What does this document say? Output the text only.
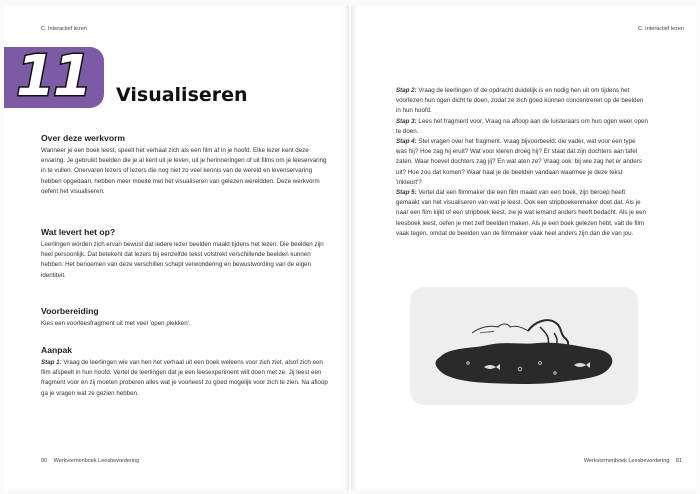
C. Interactief lezen
11 Visualiseren
Over deze werkvorm

Wanneer je een boek leest, speelt het verhaal zich als een film af in je hoofd. Elke lezer kent deze ervaring. Je gebruikt beelden die je al kent uit je leven, uit je herinneringen of uit films om je leeservaring in te vullen. Onervaren lezers of lezers die nog niet zo veel kennis van de wereld en levenservaring hebben opgedaan, hebben meer moeite met het visualiseren van gelezen wereldden. Deze werkvorm oefent het visualiseren.

Wat levert het op?

Leerlingen worden zich ervan bewust dat iedere lezer beelden maakt tijdens het lezen. Die beelden zijn heel persoonlijk. Dat betekent dat lezers bij eenzelfde tekst volstrekt verschillende beelden kunnen hebben. Het benoemen van deze verschillen schept verwondering en bewustwording van de eigen identiteit.

Voorbereiding

Kies een voorleesfragment uit met veel 'open plekken'.

Aanpak

Stap 1: Vraag de leerlingen wie van hen het verhaal uit een boek weleens voor zich ziet, alsof zich een film afspeelt in hun hoofd. Vertel de leerlingen dat je een leesexperiment wilt doen met ze. Jij leest een fragment voor en zij moeten proberen alles wat je voorleest zo goed mogelijk voor zich te zien. Na afloop ga je vragen wat ze gezien hebben.

80 Werkvormenboek Leesbevordering
C. Interactief lezen

Stap 2: Vraag de leerlingen of de opdracht duidelijk is en nodig hen uit om tijdens het voorlezen hun ogen dicht te doen, zodat ze zich goed kunnen concentreren op de beelden in hun hoofd.

Stap 3: Lees het fragment voor. Vraag na afloop aan de luisteraars om hun ogen weer open te doen.

Stap 4: Stel vragen over het fragment. Vraag bijvoorbeeld: die vader, wat voor een type was hij? Hoe zag hij eruit? Wat voor kleren droeg hij? Er staat dat zijn dochters aan tafel zaten. Waar hoevel dochters zag jij? En wat aten ze? Vraag ook: bij wie zag het er anders uit? Hoe zou dat komen? Waar haal je de beelden vandaan waarmee je deze tekst 'inkleurt'?

Stap 5: Vertel dat een filmmaker die een film maakt van een boek, zijn beroep heeft gemaakt van het visualiseren van wat je leest. Ook een stripboekenmaker doet dat. Als je naar een film kijkt of een stripboek leest, zie je wat iemand anders heeft bedacht. Als je een leesboek leest, oefen je met zelf beelden maken. Als je een boek gelezen hebt, valt de film vaak tegen, omdat de beelden van de filmmaker vaak heel anders zijn dan die van jou.

Werkvormenboek Leesbevordering 81
